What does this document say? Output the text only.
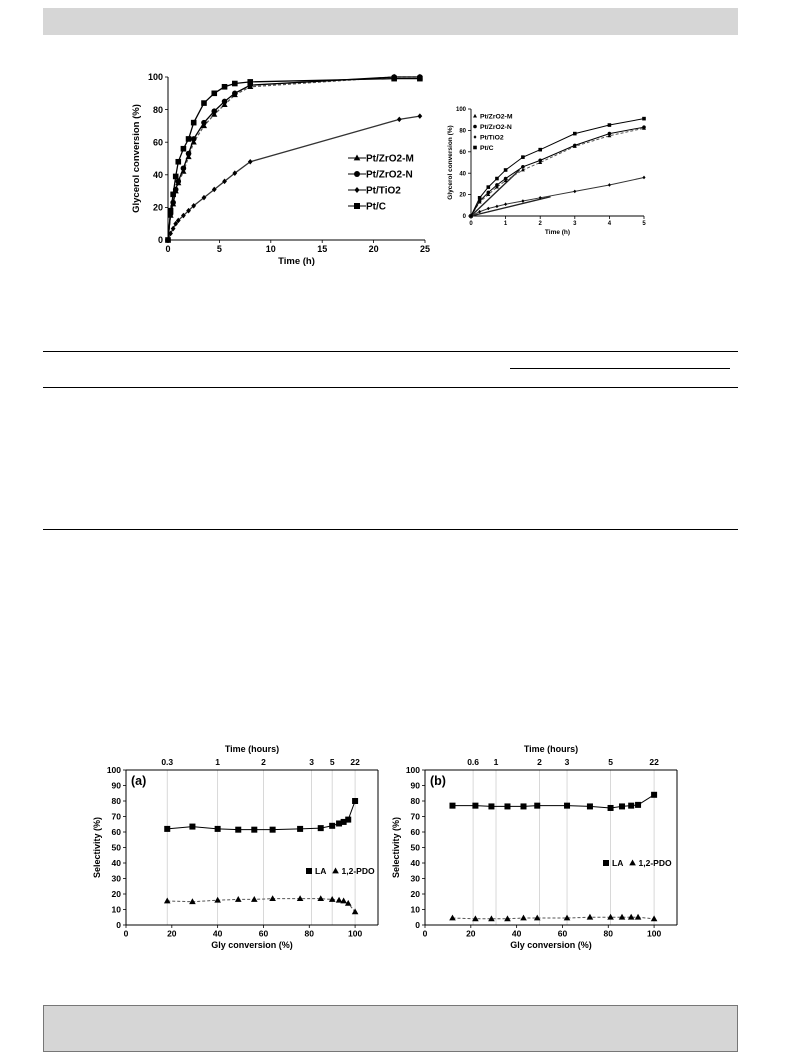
0	5	10	15	20	25
0
20
40
60
80
100
Time (h)
Glycerol conversion (%)	Pt/ZrO2-M
Pt/ZrO2-N
Pt/TiO2
Pt/C
0	1	2	3	4	5
0
20
40
60
80
100
Time (h)
Glycerol conversion (%)
Pt/ZrO2-M
Pt/ZrO2-N
Pt/TiO2
Pt/C
0	20	40	60	80	100
0
10
20
30
40
50
60
70
80
90
100
Gly conversion (%)
Selectivity (%)
0.3	1	2	3 5 22
Time (hours)
(a)
LA 1,2-PDO
0	20	40	60	80	100
0
10
20
30
40
50
60
70
80
90
100
Gly conversion (%)
Selectivity (%)
0.6 1	2	3	5	22
Time (hours)
(b)
LA 1,2-PDO
